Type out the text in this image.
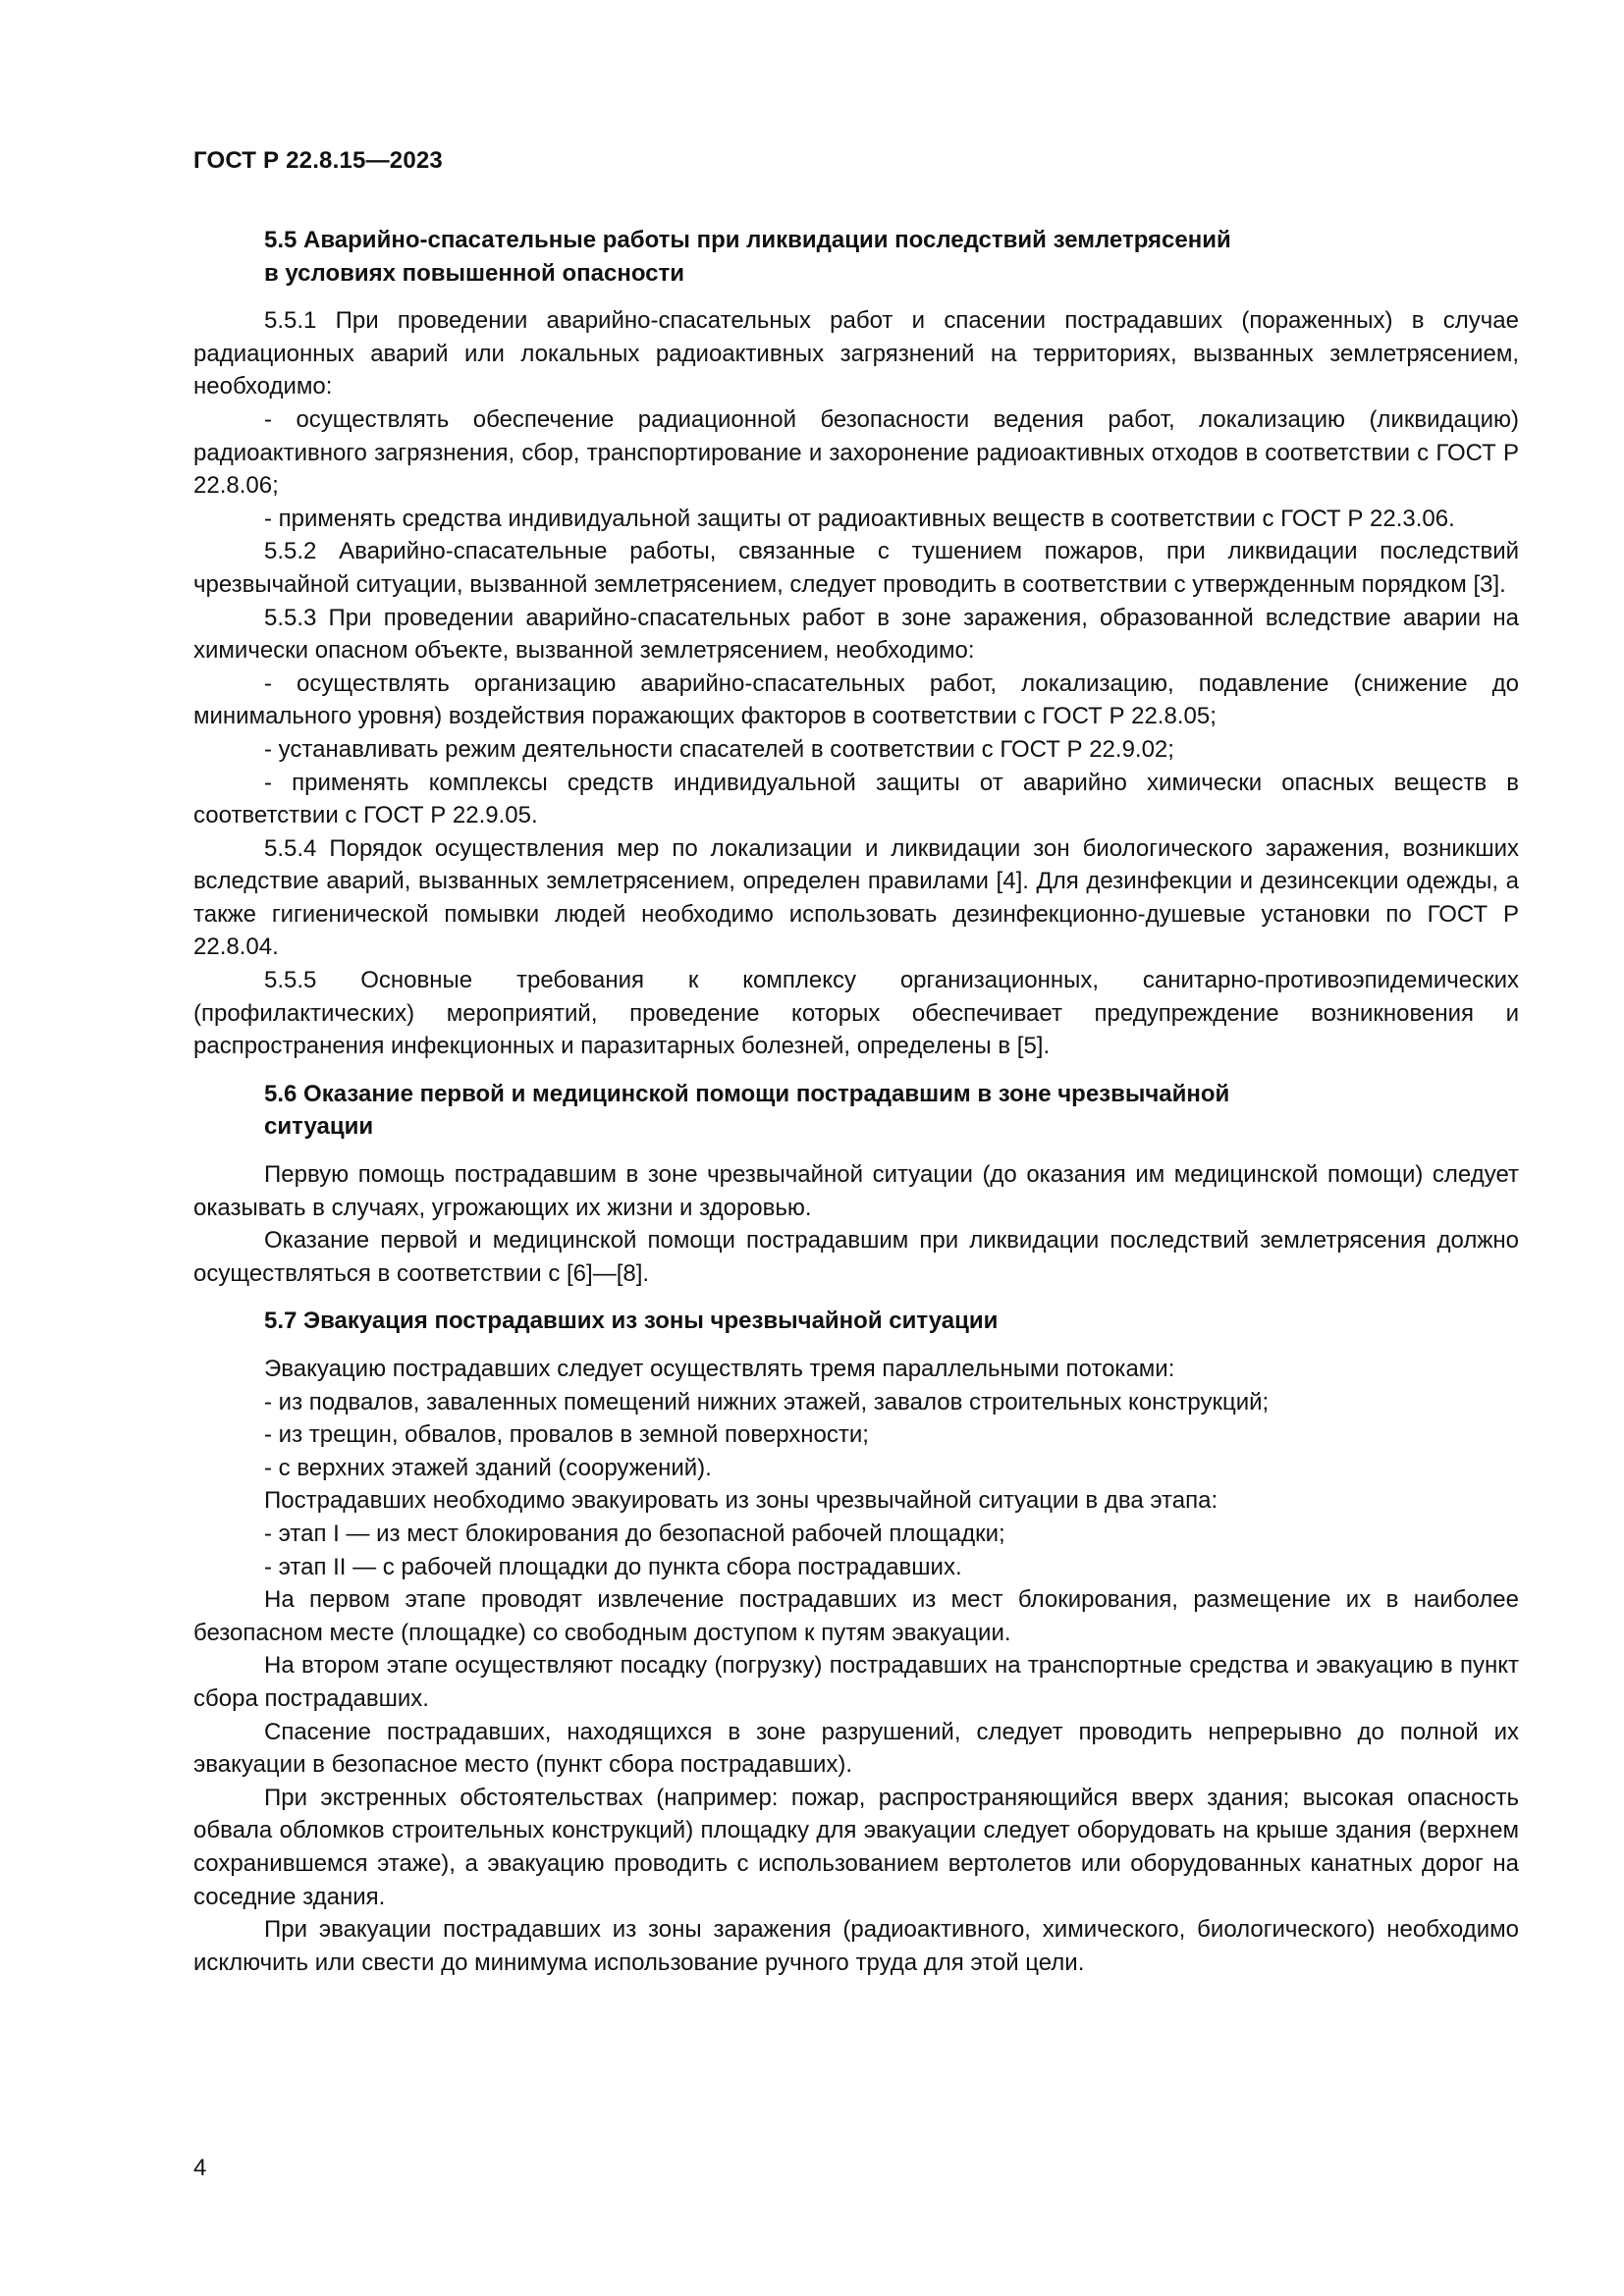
ГОСТ Р 22.8.15—2023
5.5 Аварийно-спасательные работы при ликвидации последствий землетрясений
в условиях повышенной опасности

5.5.1 При проведении аварийно-спасательных работ и спасении пострадавших (пораженных) в случае радиационных аварий или локальных радиоактивных загрязнений на территориях, вызванных землетрясением, необходимо:

- осуществлять обеспечение радиационной безопасности ведения работ, локализацию (ликвидацию) радиоактивного загрязнения, сбор, транспортирование и захоронение радиоактивных отходов в соответствии с ГОСТ Р 22.8.06;

- применять средства индивидуальной защиты от радиоактивных веществ в соответствии с ГОСТ Р 22.3.06.

5.5.2 Аварийно-спасательные работы, связанные с тушением пожаров, при ликвидации последствий чрезвычайной ситуации, вызванной землетрясением, следует проводить в соответствии с утвержденным порядком [3].

5.5.3 При проведении аварийно-спасательных работ в зоне заражения, образованной вследствие аварии на химически опасном объекте, вызванной землетрясением, необходимо:

- осуществлять организацию аварийно-спасательных работ, локализацию, подавление (снижение до минимального уровня) воздействия поражающих факторов в соответствии с ГОСТ Р 22.8.05;

- устанавливать режим деятельности спасателей в соответствии с ГОСТ Р 22.9.02;

- применять комплексы средств индивидуальной защиты от аварийно химически опасных веществ в соответствии с ГОСТ Р 22.9.05.

5.5.4 Порядок осуществления мер по локализации и ликвидации зон биологического заражения, возникших вследствие аварий, вызванных землетрясением, определен правилами [4]. Для дезинфекции и дезинсекции одежды, а также гигиенической помывки людей необходимо использовать дезинфекционно-душевые установки по ГОСТ Р 22.8.04.

5.5.5 Основные требования к комплексу организационных, санитарно-противоэпидемических (профилактических) мероприятий, проведение которых обеспечивает предупреждение возникновения и распространения инфекционных и паразитарных болезней, определены в [5].

5.6 Оказание первой и медицинской помощи пострадавшим в зоне чрезвычайной
ситуации

Первую помощь пострадавшим в зоне чрезвычайной ситуации (до оказания им медицинской помощи) следует оказывать в случаях, угрожающих их жизни и здоровью.

Оказание первой и медицинской помощи пострадавшим при ликвидации последствий землетрясения должно осуществляться в соответствии с [6]—[8].

5.7 Эвакуация пострадавших из зоны чрезвычайной ситуации

Эвакуацию пострадавших следует осуществлять тремя параллельными потоками:

- из подвалов, заваленных помещений нижних этажей, завалов строительных конструкций;

- из трещин, обвалов, провалов в земной поверхности;

- с верхних этажей зданий (сооружений).

Пострадавших необходимо эвакуировать из зоны чрезвычайной ситуации в два этапа:

- этап I — из мест блокирования до безопасной рабочей площадки;

- этап II — с рабочей площадки до пункта сбора пострадавших.

На первом этапе проводят извлечение пострадавших из мест блокирования, размещение их в наиболее безопасном месте (площадке) со свободным доступом к путям эвакуации.

На втором этапе осуществляют посадку (погрузку) пострадавших на транспортные средства и эвакуацию в пункт сбора пострадавших.

Спасение пострадавших, находящихся в зоне разрушений, следует проводить непрерывно до полной их эвакуации в безопасное место (пункт сбора пострадавших).

При экстренных обстоятельствах (например: пожар, распространяющийся вверх здания; высокая опасность обвала обломков строительных конструкций) площадку для эвакуации следует оборудовать на крыше здания (верхнем сохранившемся этаже), а эвакуацию проводить с использованием вертолетов или оборудованных канатных дорог на соседние здания.

При эвакуации пострадавших из зоны заражения (радиоактивного, химического, биологического) необходимо исключить или свести до минимума использование ручного труда для этой цели.

4
